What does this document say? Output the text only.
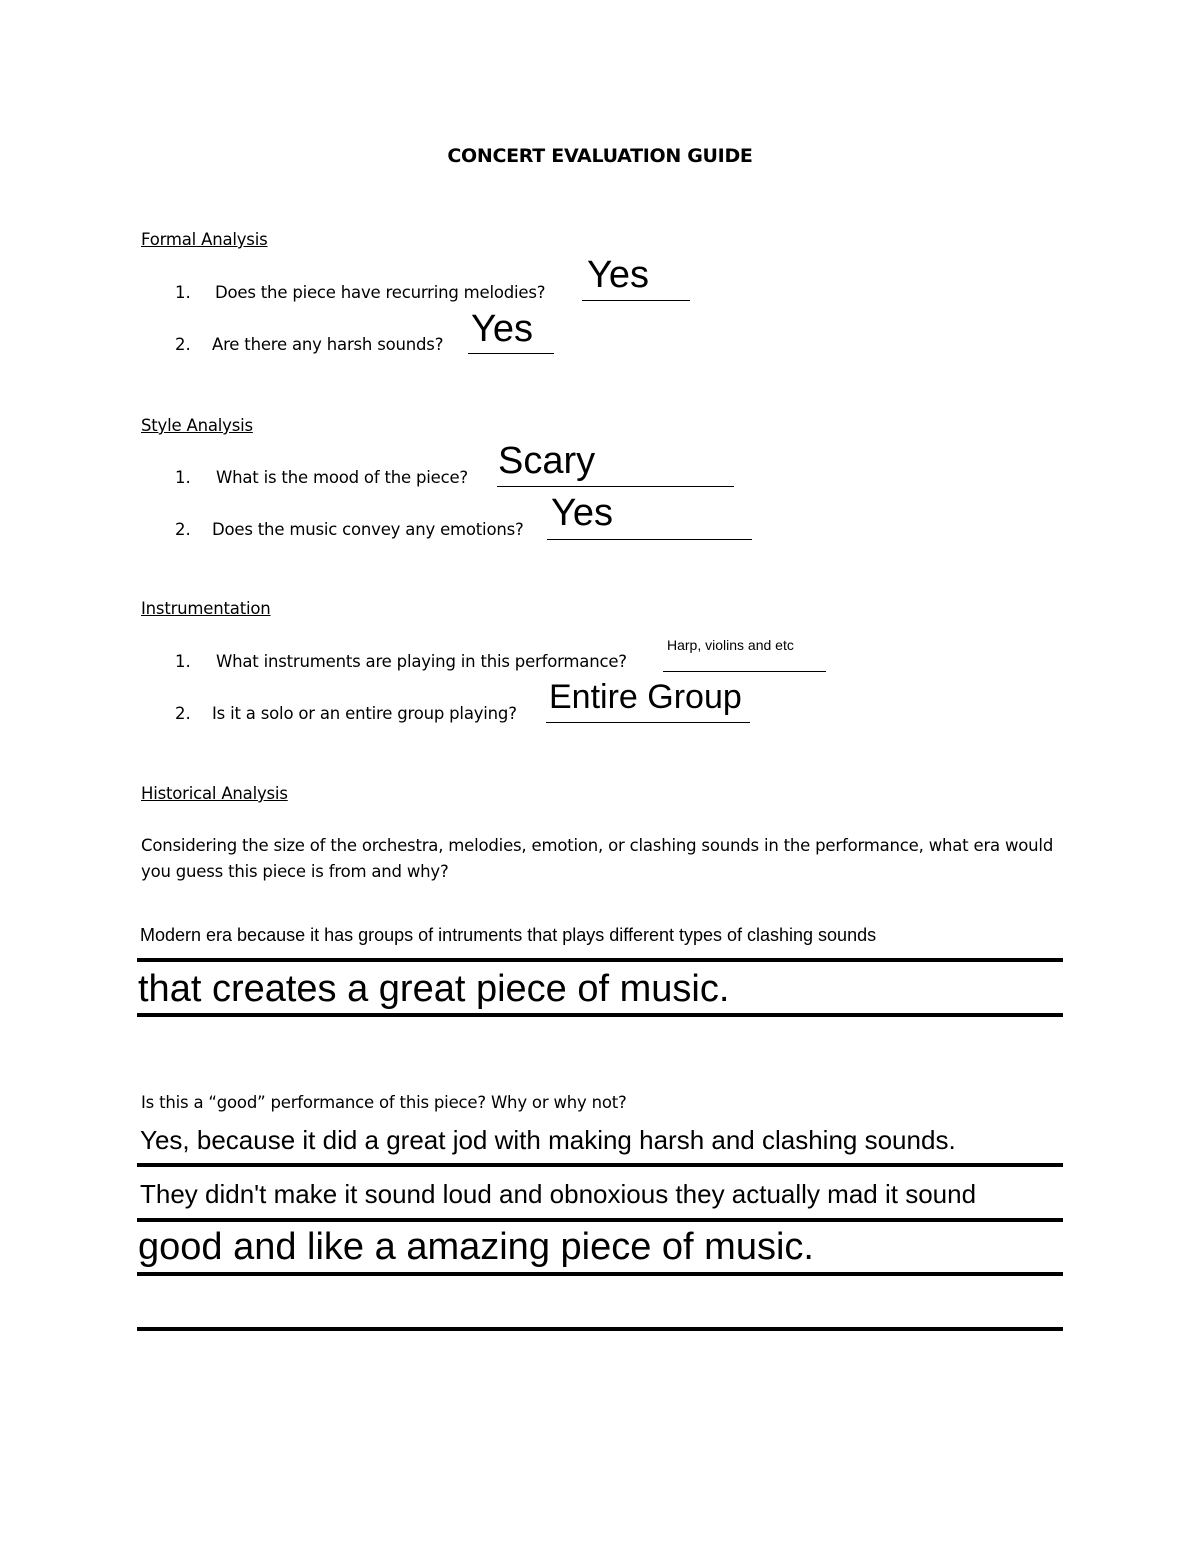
CONCERT EVALUATION GUIDE
Formal Analysis
1. Does the piece have recurring melodies? Yes
2. Are there any harsh sounds? Yes
Style Analysis
1. What is the mood of the piece? Scary
2. Does the music convey any emotions? Yes
Instrumentation
1. What instruments are playing in this performance?
Harp, violins and etc
2. Is it a solo or an entire group playing? Entire Group
Historical Analysis
Considering the size of the orchestra, melodies, emotion, or clashing sounds in the performance, what era would you guess this piece is from and why?
Modern era because it has groups of intruments that plays different types of clashing sounds
that creates a great piece of music.
Is this a “good” performance of this piece? Why or why not?
Yes, because it did a great jod with making harsh and clashing sounds.
They didn't make it sound loud and obnoxious they actually mad it sound
good and like a amazing piece of music.
